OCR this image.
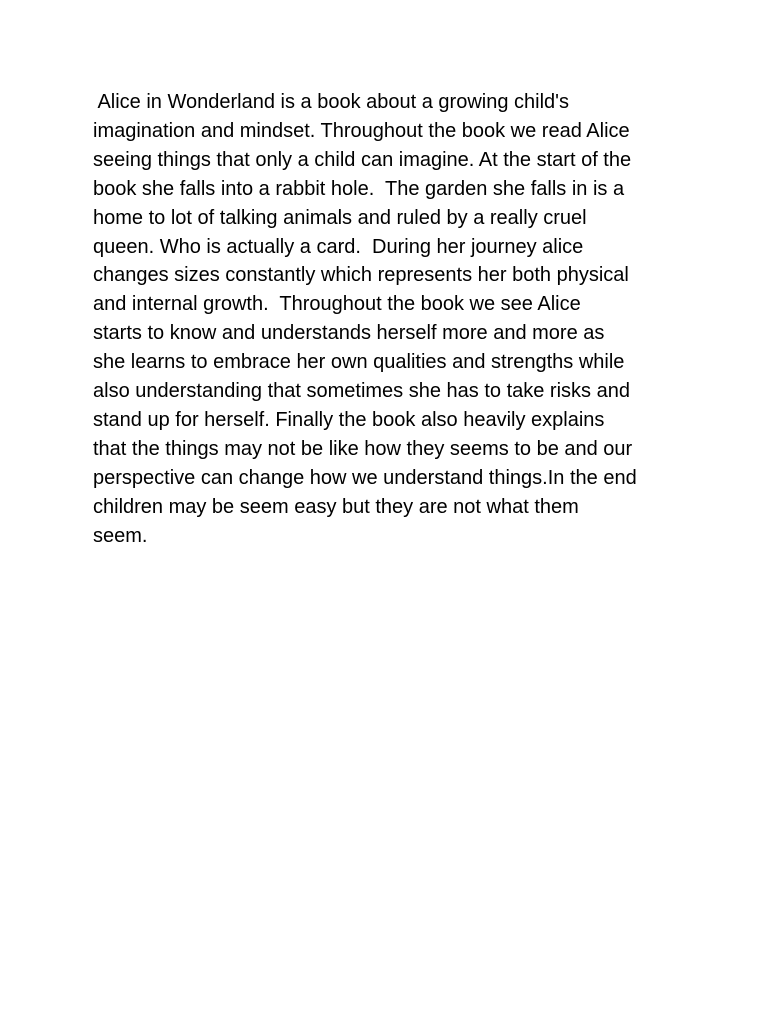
Alice in Wonderland is a book about a growing child's
imagination and mindset. Throughout the book we read Alice
seeing things that only a child can imagine. At the start of the
book she falls into a rabbit hole.  The garden she falls in is a
home to lot of talking animals and ruled by a really cruel
queen. Who is actually a card.  During her journey alice
changes sizes constantly which represents her both physical
and internal growth.  Throughout the book we see Alice
starts to know and understands herself more and more as
she learns to embrace her own qualities and strengths while
also understanding that sometimes she has to take risks and
stand up for herself. Finally the book also heavily explains
that the things may not be like how they seems to be and our
perspective can change how we understand things.In the end
children may be seem easy but they are not what them
seem.
